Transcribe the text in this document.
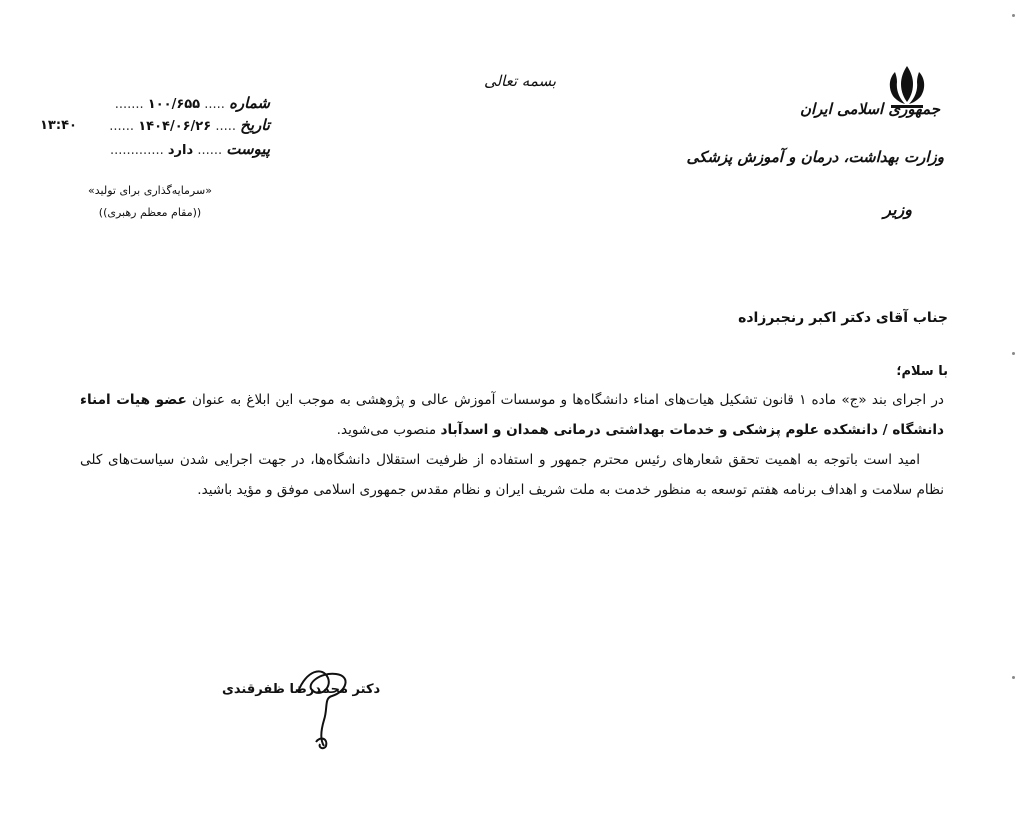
بسمه تعالی
جمهوری اسلامی ایران
وزارت بهداشت، درمان و آموزش پزشکی
وزیر
شماره ..... ۱۰۰/۶۵۵ .......
تاریخ ..... ۱۴۰۴/۰۶/۲۶ ......
پیوست ...... دارد .............
۱۳:۴۰
«سرمایه‌گذاری برای تولید»
((مقام معظم رهبری))
جناب آقای دکتر اکبر رنجبرزاده
با سلام؛

در اجرای بند «ج» ماده ۱ قانون تشکیل هیات‌های امناء دانشگاه‌ها و موسسات آموزش عالی و پژوهشی به موجب این ابلاغ به عنوان عضو هیات امناء دانشگاه / دانشکده علوم پزشکی و خدمات بهداشتی درمانی همدان و اسدآباد منصوب می‌شوید.

امید است باتوجه به اهمیت تحقق شعارهای رئیس محترم جمهور و استفاده از ظرفیت استقلال دانشگاه‌ها، در جهت اجرایی شدن سیاست‌های کلی نظام سلامت و اهداف برنامه هفتم توسعه به منظور خدمت به ملت شریف ایران و نظام مقدس جمهوری اسلامی موفق و مؤید باشید.

دکتر محمدرضا ظفرقندی
